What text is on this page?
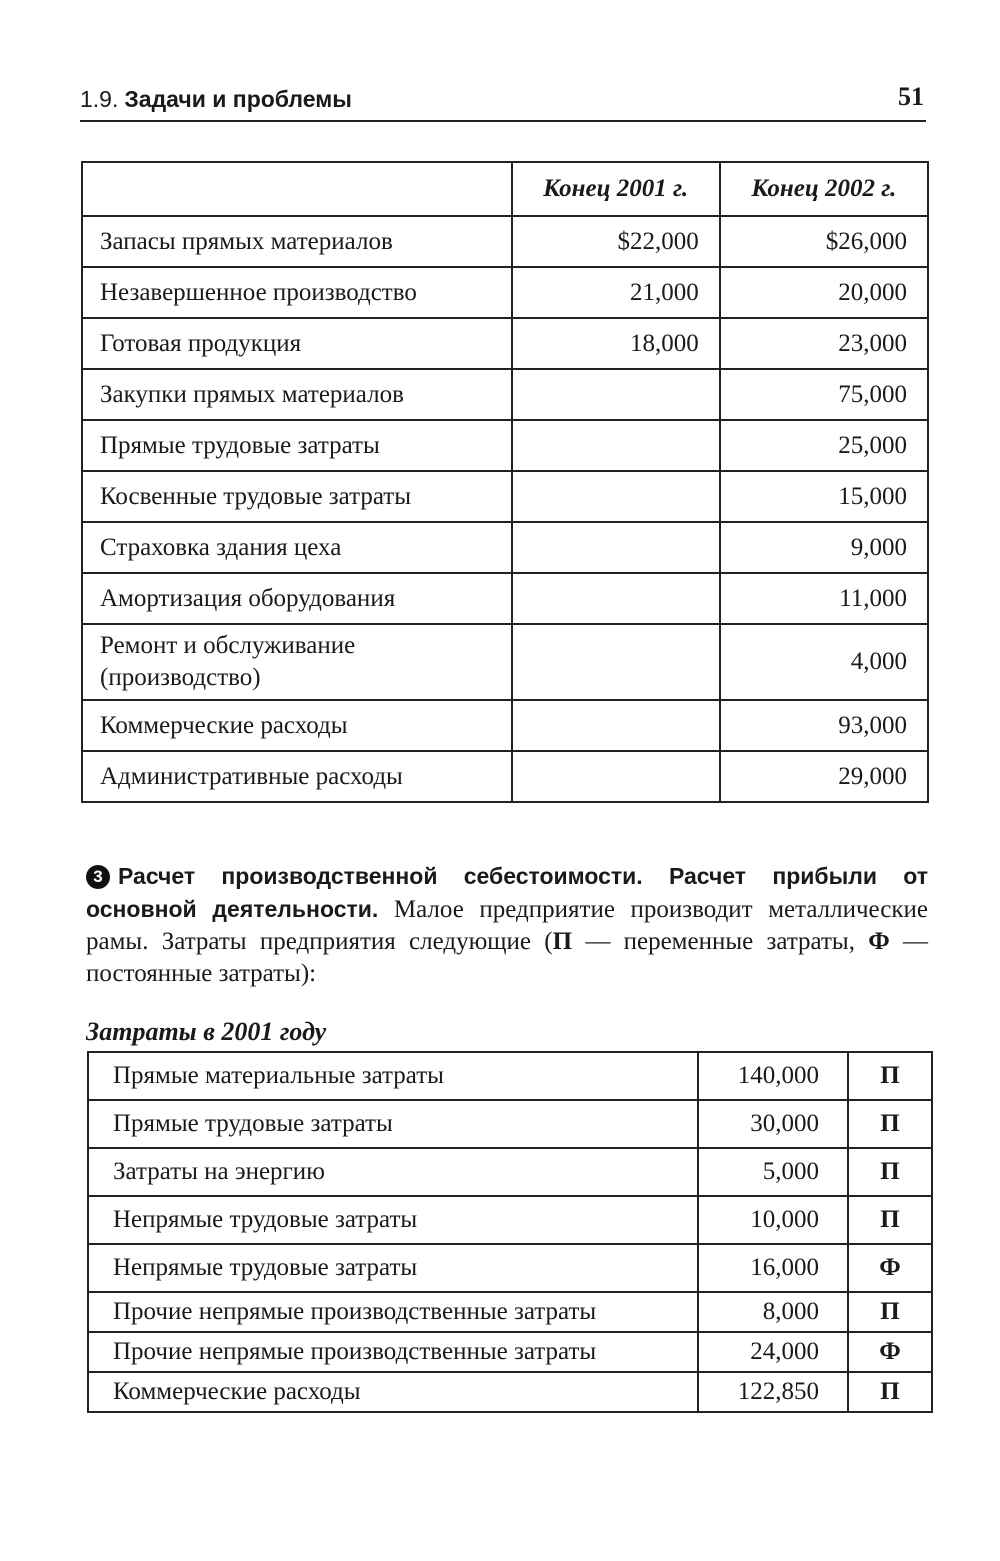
1.9. Задачи и проблемы	51
	Конец 2001 г.	Конец 2002 г.
Запасы прямых материалов	$22,000	$26,000
Незавершенное производство	21,000	20,000
Готовая продукция	18,000	23,000
Закупки прямых материалов		75,000
Прямые трудовые затраты		25,000
Косвенные трудовые затраты		15,000
Страховка здания цеха		9,000
Амортизация оборудования		11,000
Ремонт и обслуживание
(производство)		4,000
Коммерческие расходы		93,000
Административные расходы		29,000
3 Расчет производственной себестоимости. Расчет прибыли от основной деятельности. Малое предприятие производит металлические рамы. Затраты предприятия следующие (П — переменные затраты, Ф — постоянные затраты):
Затраты в 2001 году
Прямые материальные затраты	140,000	П
Прямые трудовые затраты	30,000	П
Затраты на энергию	5,000	П
Непрямые трудовые затраты	10,000	П
Непрямые трудовые затраты	16,000	Ф
Прочие непрямые производственные затраты	8,000	П
Прочие непрямые производственные затраты	24,000	Ф
Коммерческие расходы	122,850	П
